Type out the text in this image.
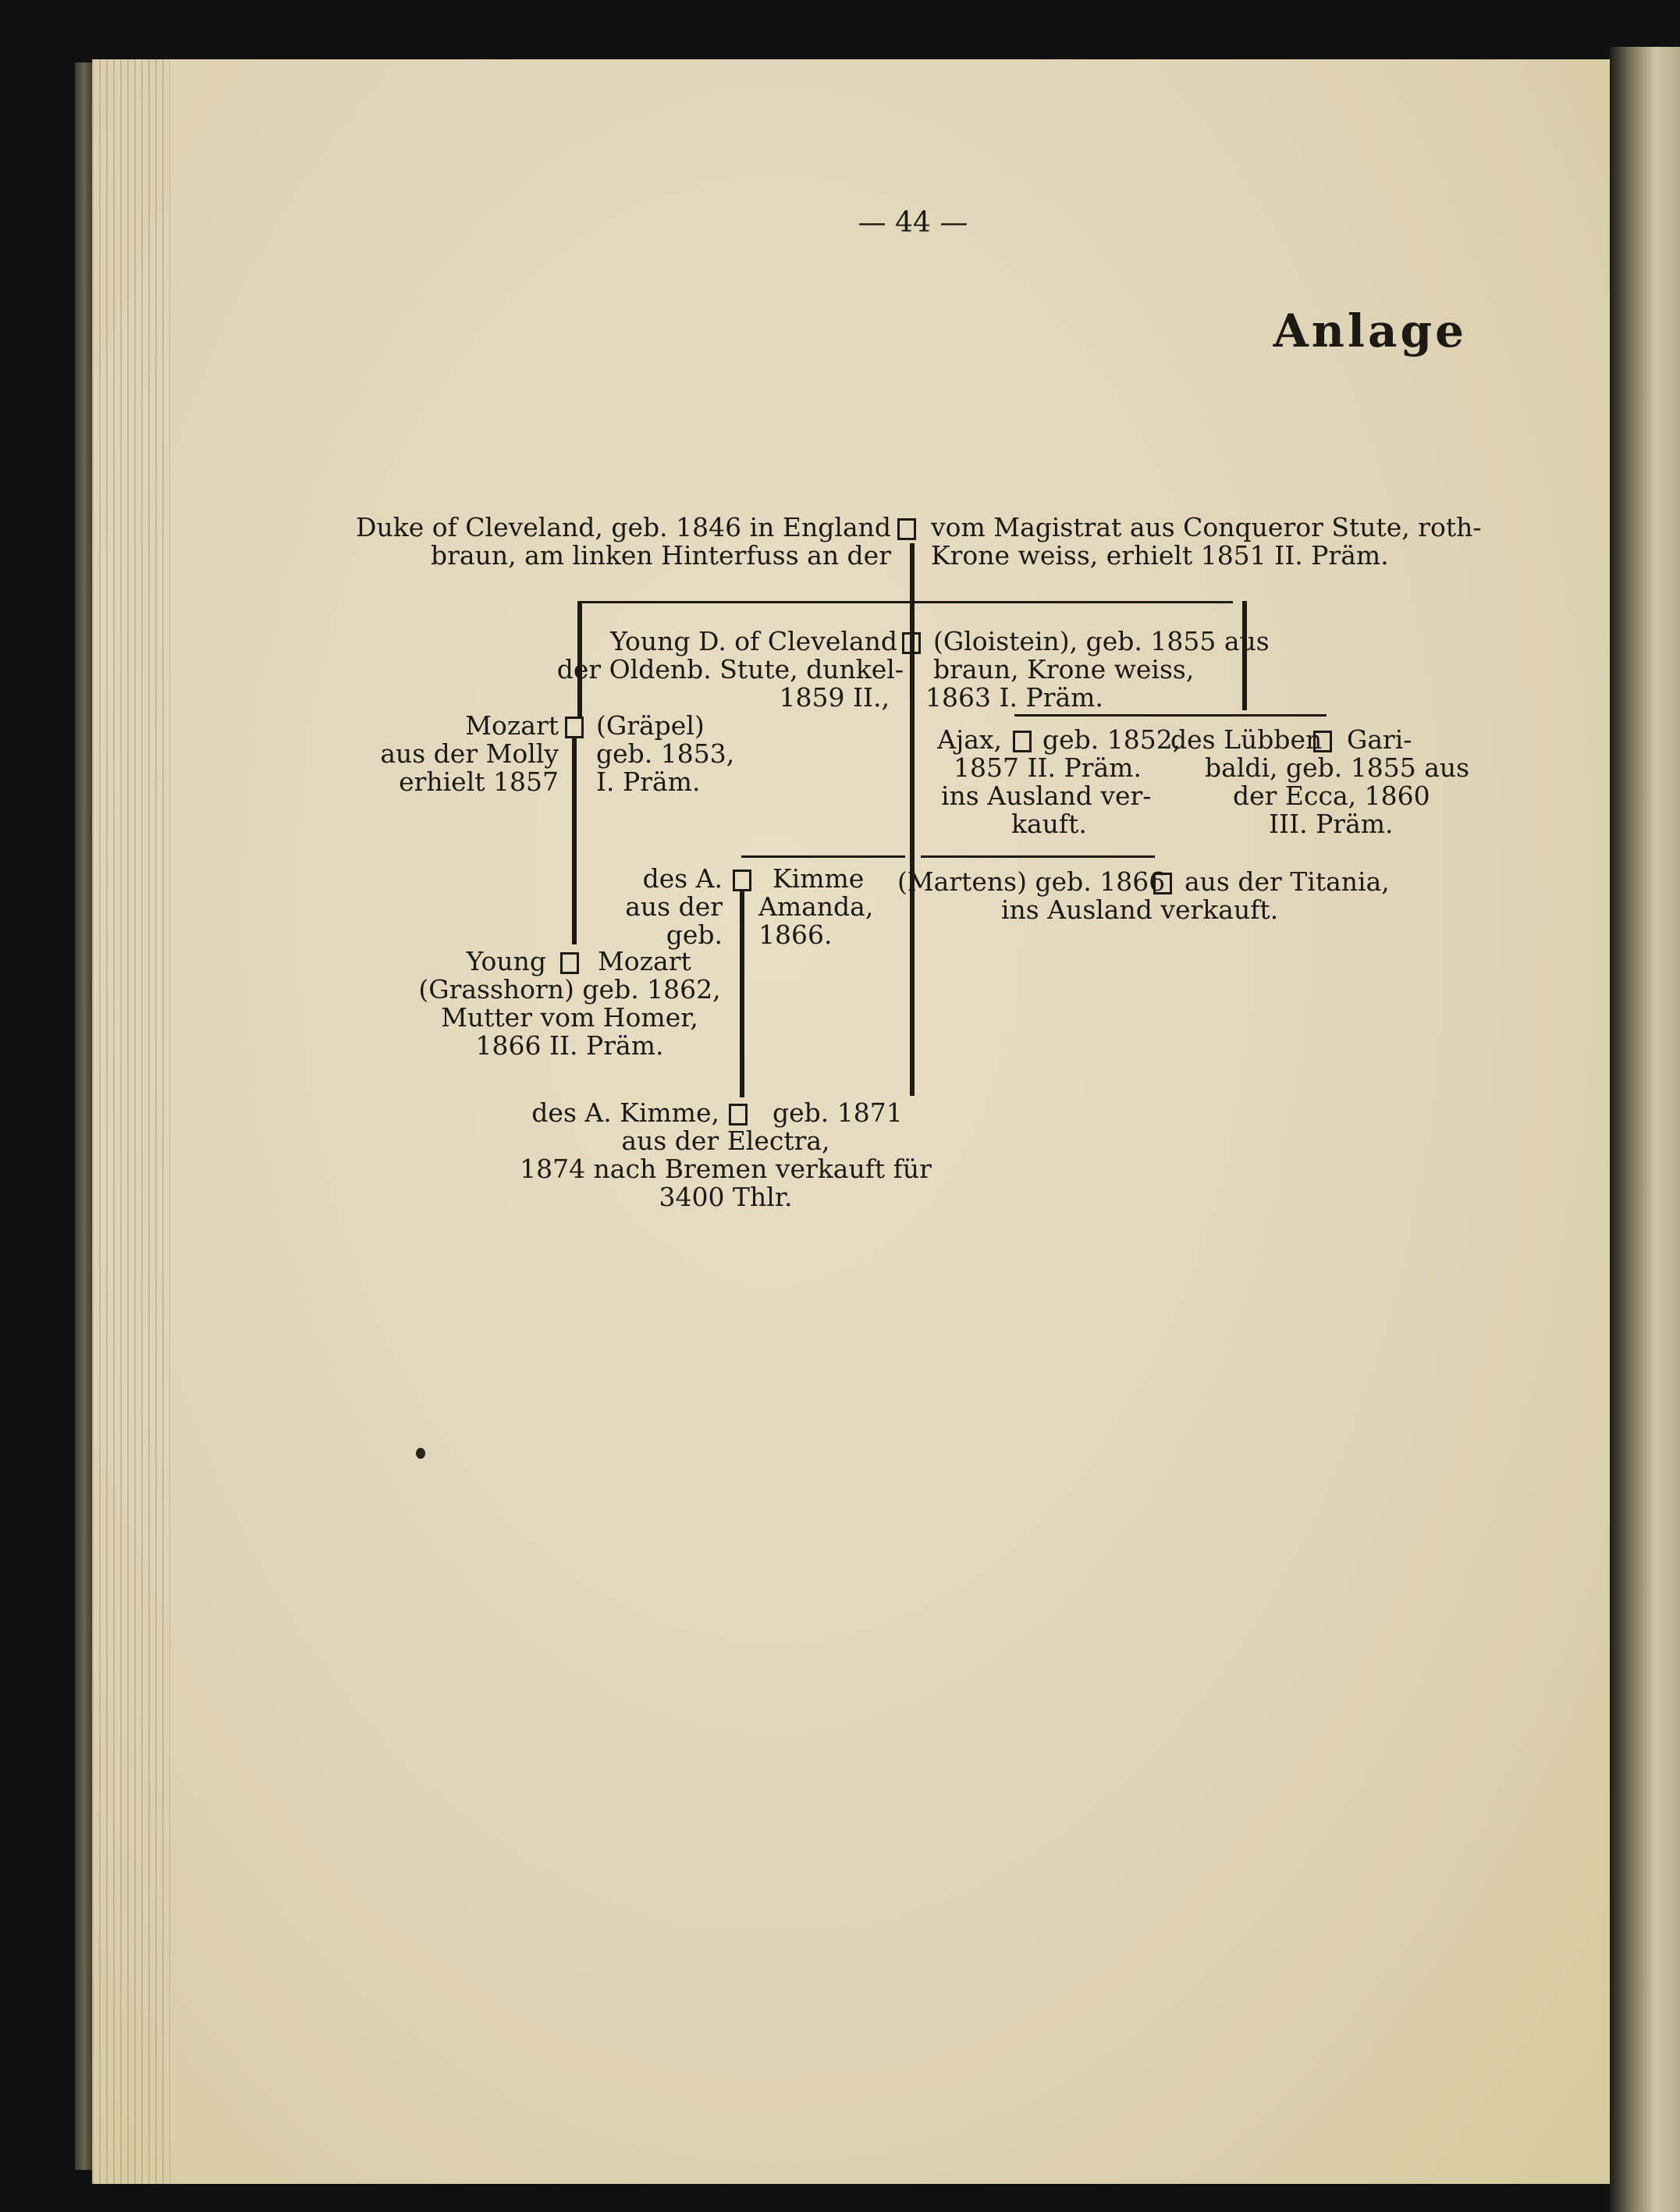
— 44 —
Anlage
Duke of Cleveland, geb. 1846 in England
braun, am linken Hinterfuss an der
vom Magistrat aus Conqueror Stute, roth-
Krone weiss, erhielt 1851 II. Präm.
Young D. of Cleveland
der Oldenb. Stute, dunkel-
1859 II.,
(Gloistein), geb. 1855 aus
braun, Krone weiss,
1863 I. Präm.
Mozart
aus der Molly
erhielt 1857
(Gräpel)
geb. 1853,
I. Präm.
Ajax, geb. 1852,
1857 II. Präm.
ins Ausland ver-
kauft.
des Lübben Gari-
baldi, geb. 1855 aus
der Ecca, 1860
III. Präm.
des A.
aus der
geb.
Kimme
Amanda,
1866.
(Martens) geb. 1866 aus der Titania,
ins Ausland verkauft.
Young Mozart
(Grasshorn) geb. 1862,
Mutter vom Homer,
1866 II. Präm.
des A. Kimme, geb. 1871
aus der Electra,
1874 nach Bremen verkauft für
3400 Thlr.
